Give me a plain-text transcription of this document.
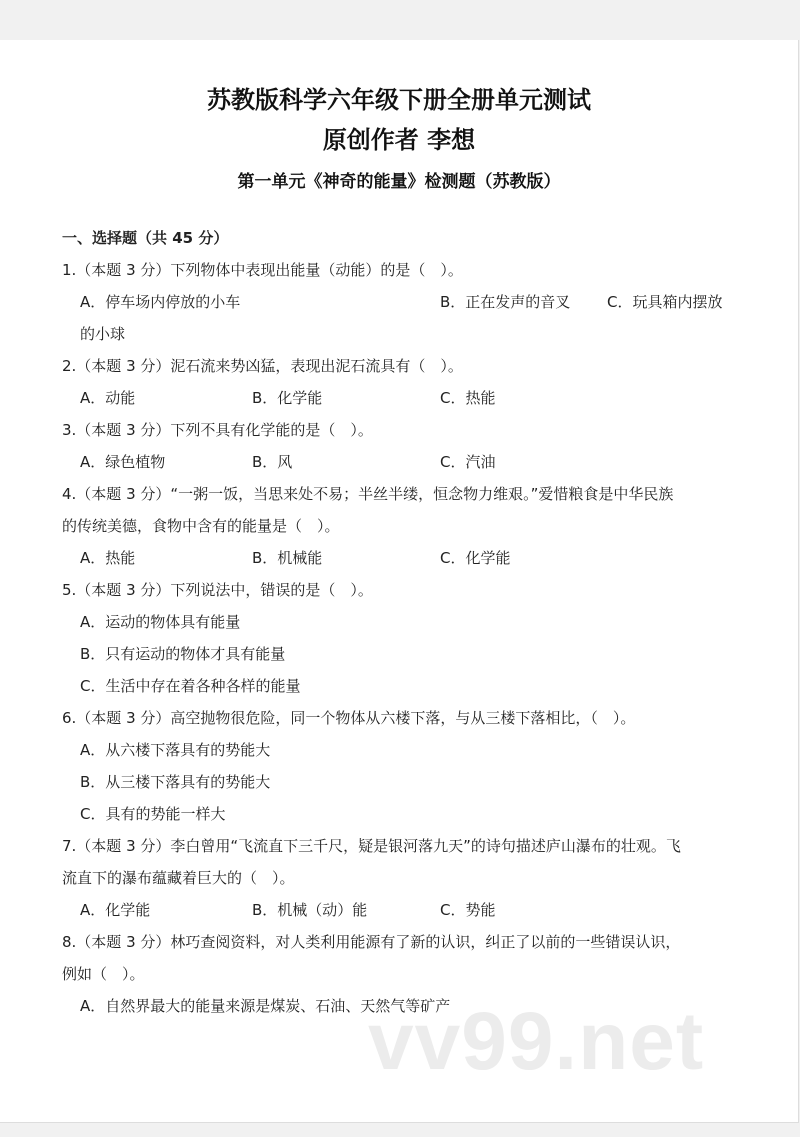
苏教版科学六年级下册全册单元测试
原创作者 李想
第一单元《神奇的能量》检测题（苏教版）
一、选择题（共 45 分）
1.（本题 3 分）下列物体中表现出能量（动能）的是（　）。
A．停车场内停放的小车	B．正在发声的音叉 C．玩具箱内摆放
的小球
2.（本题 3 分）泥石流来势凶猛，表现出泥石流具有（　）。
A．动能	B．化学能	C．热能
3.（本题 3 分）下列不具有化学能的是（　）。
A．绿色植物	B．风	C．汽油
4.（本题 3 分）“一粥一饭，当思来处不易；半丝半缕，恒念物力维艰。”爱惜粮食是中华民族
的传统美德，食物中含有的能量是（　）。
A．热能	B．机械能	C．化学能
5.（本题 3 分）下列说法中，错误的是（　）。
A．运动的物体具有能量
B．只有运动的物体才具有能量
C．生活中存在着各种各样的能量
6.（本题 3 分）高空抛物很危险，同一个物体从六楼下落，与从三楼下落相比，（　）。
A．从六楼下落具有的势能大
B．从三楼下落具有的势能大
C．具有的势能一样大
7.（本题 3 分）李白曾用“飞流直下三千尺，疑是银河落九天”的诗句描述庐山瀑布的壮观。飞
流直下的瀑布蕴藏着巨大的（　）。
A．化学能	B．机械（动）能	C．势能
8.（本题 3 分）林巧查阅资料，对人类利用能源有了新的认识，纠正了以前的一些错误认识，
例如（　）。
A．自然界最大的能量来源是煤炭、石油、天然气等矿产
vv99.net
